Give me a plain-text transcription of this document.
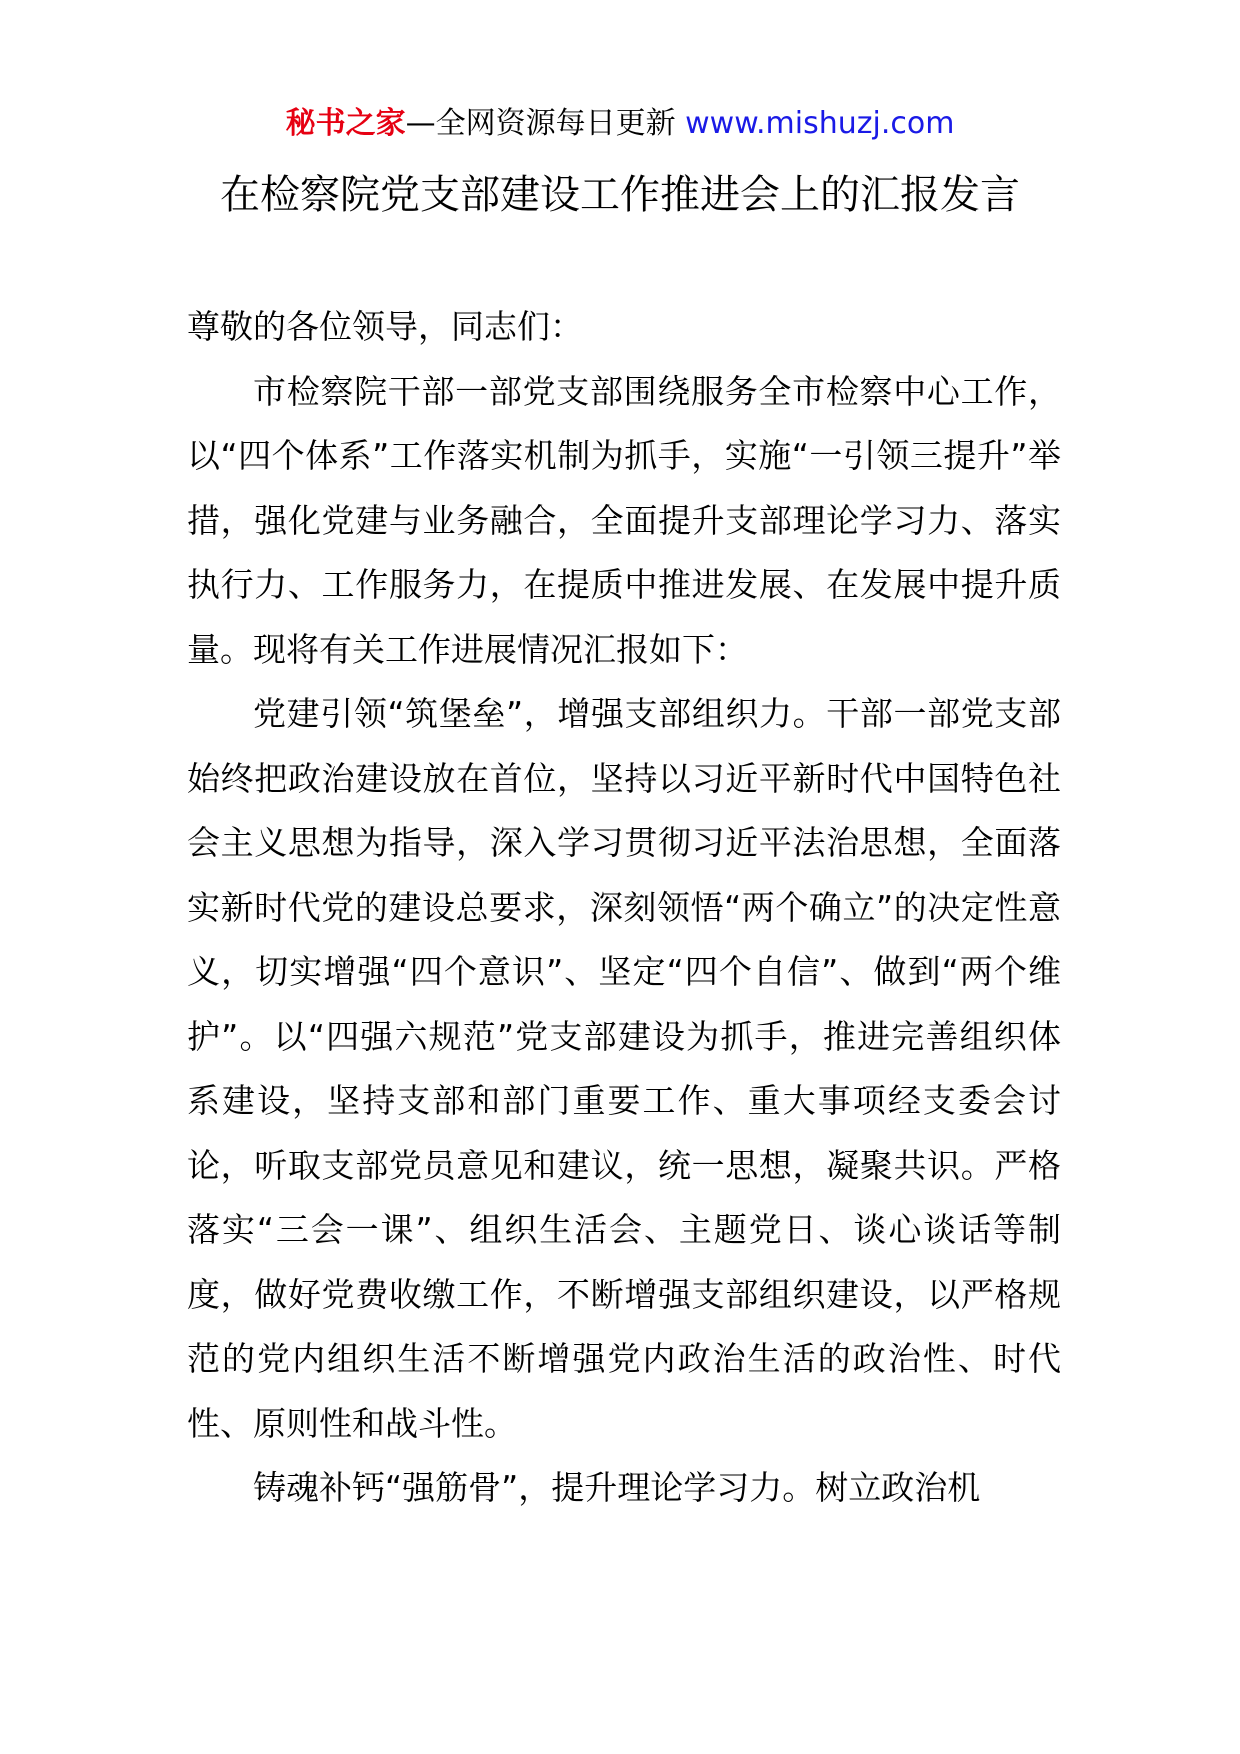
秘书之家—全网资源每日更新 www.mishuzj.com
在检察院党支部建设工作推进会上的汇报发言

尊敬的各位领导，同志们：

市检察院干部一部党支部围绕服务全市检察中心工作，以“四个体系”工作落实机制为抓手，实施“一引领三提升”举措，强化党建与业务融合，全面提升支部理论学习力、落实执行力、工作服务力，在提质中推进发展、在发展中提升质量。现将有关工作进展情况汇报如下：

党建引领“筑堡垒”，增强支部组织力。干部一部党支部始终把政治建设放在首位，坚持以习近平新时代中国特色社会主义思想为指导，深入学习贯彻习近平法治思想，全面落实新时代党的建设总要求，深刻领悟“两个确立”的决定性意义，切实增强“四个意识”、坚定“四个自信”、做到“两个维护”。以“四强六规范”党支部建设为抓手，推进完善组织体系建设，坚持支部和部门重要工作、重大事项经支委会讨论，听取支部党员意见和建议，统一思想，凝聚共识。严格落实“三会一课”、组织生活会、主题党日、谈心谈话等制度，做好党费收缴工作，不断增强支部组织建设，以严格规范的党内组织生活不断增强党内政治生活的政治性、时代性、原则性和战斗性。

铸魂补钙“强筋骨”，提升理论学习力。树立政治机
